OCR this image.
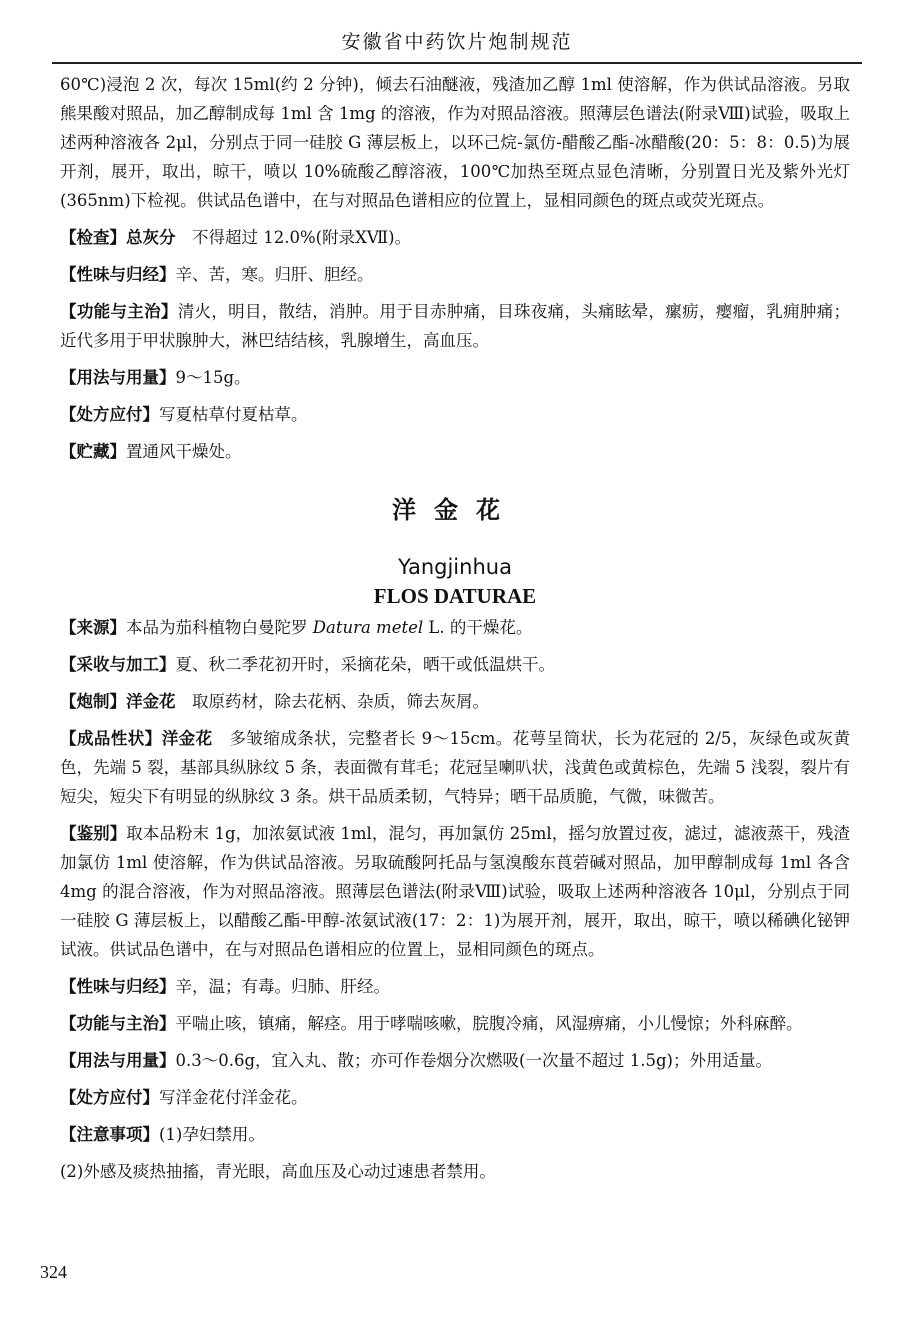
安徽省中药饮片炮制规范

60℃)浸泡 2 次，每次 15ml(约 2 分钟)，倾去石油醚液，残渣加乙醇 1ml 使溶解，作为供试品溶液。另取熊果酸对照品，加乙醇制成每 1ml 含 1mg 的溶液，作为对照品溶液。照薄层色谱法(附录Ⅷ)试验，吸取上述两种溶液各 2μl，分别点于同一硅胶 G 薄层板上，以环己烷-氯仿-醋酸乙酯-冰醋酸(20：5：8：0.5)为展开剂，展开，取出，晾干，喷以 10%硫酸乙醇溶液，100℃加热至斑点显色清晰，分别置日光及紫外光灯(365nm)下检视。供试品色谱中，在与对照品色谱相应的位置上，显相同颜色的斑点或荧光斑点。

【检查】总灰分　不得超过 12.0%(附录ⅩⅦ)。

【性味与归经】辛、苦，寒。归肝、胆经。

【功能与主治】清火，明目，散结，消肿。用于目赤肿痛，目珠夜痛，头痛眩晕，瘰疬，瘿瘤，乳痈肿痛；近代多用于甲状腺肿大，淋巴结结核，乳腺增生，高血压。

【用法与用量】9～15g。

【处方应付】写夏枯草付夏枯草。

【贮藏】置通风干燥处。

洋金花
Yangjinhua
FLOS DATURAE

【来源】本品为茄科植物白曼陀罗 Datura metel L. 的干燥花。

【采收与加工】夏、秋二季花初开时，采摘花朵，晒干或低温烘干。

【炮制】洋金花　取原药材，除去花柄、杂质，筛去灰屑。

【成品性状】洋金花　多皱缩成条状，完整者长 9～15cm。花萼呈筒状，长为花冠的 2/5，灰绿色或灰黄色，先端 5 裂，基部具纵脉纹 5 条，表面微有茸毛；花冠呈喇叭状，浅黄色或黄棕色，先端 5 浅裂，裂片有短尖，短尖下有明显的纵脉纹 3 条。烘干品质柔韧，气特异；晒干品质脆，气微，味微苦。

【鉴别】取本品粉末 1g，加浓氨试液 1ml，混匀，再加氯仿 25ml，摇匀放置过夜，滤过，滤液蒸干，残渣加氯仿 1ml 使溶解，作为供试品溶液。另取硫酸阿托品与氢溴酸东莨菪碱对照品，加甲醇制成每 1ml 各含 4mg 的混合溶液，作为对照品溶液。照薄层色谱法(附录Ⅷ)试验，吸取上述两种溶液各 10μl，分别点于同一硅胶 G 薄层板上，以醋酸乙酯-甲醇-浓氨试液(17：2：1)为展开剂，展开，取出，晾干，喷以稀碘化铋钾试液。供试品色谱中，在与对照品色谱相应的位置上，显相同颜色的斑点。

【性味与归经】辛，温；有毒。归肺、肝经。

【功能与主治】平喘止咳，镇痛，解痉。用于哮喘咳嗽，脘腹冷痛，风湿痹痛，小儿慢惊；外科麻醉。

【用法与用量】0.3～0.6g，宜入丸、散；亦可作卷烟分次燃吸(一次量不超过 1.5g)；外用适量。

【处方应付】写洋金花付洋金花。

【注意事项】(1)孕妇禁用。

(2)外感及痰热抽搐，青光眼，高血压及心动过速患者禁用。

324
